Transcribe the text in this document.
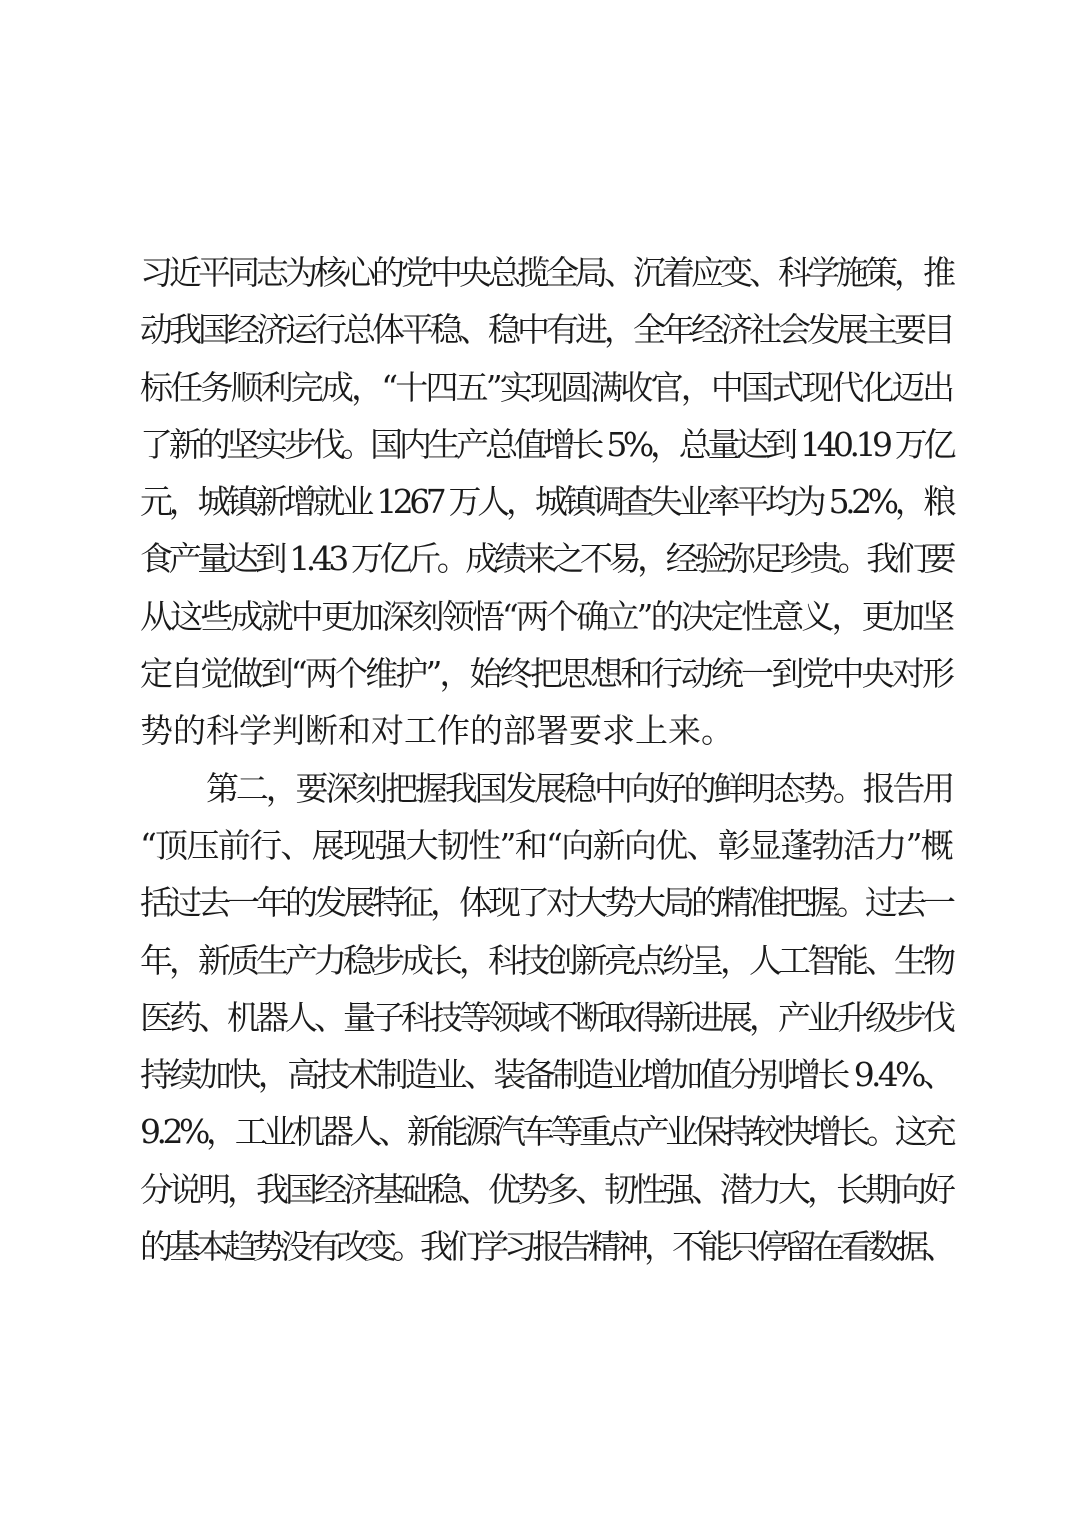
习近平同志为核心的党中央总揽全局、沉着应变、科学施策，推
动我国经济运行总体平稳、稳中有进，全年经济社会发展主要目
标任务顺利完成，“十四五”实现圆满收官，中国式现代化迈出
了新的坚实步伐。国内生产总值增长 5%，总量达到 140.19 万亿
元，城镇新增就业 1267 万人，城镇调查失业率平均为 5.2%，粮
食产量达到 1.43 万亿斤。成绩来之不易，经验弥足珍贵。我们要
从这些成就中更加深刻领悟“两个确立”的决定性意义，更加坚
定自觉做到“两个维护”，始终把思想和行动统一到党中央对形
势的科学判断和对工作的部署要求上来。
第二，要深刻把握我国发展稳中向好的鲜明态势。报告用
“顶压前行、展现强大韧性”和“向新向优、彰显蓬勃活力”概
括过去一年的发展特征，体现了对大势大局的精准把握。过去一
年，新质生产力稳步成长，科技创新亮点纷呈，人工智能、生物
医药、机器人、量子科技等领域不断取得新进展，产业升级步伐
持续加快，高技术制造业、装备制造业增加值分别增长 9.4%、
9.2%，工业机器人、新能源汽车等重点产业保持较快增长。这充
分说明，我国经济基础稳、优势多、韧性强、潜力大，长期向好
的基本趋势没有改变。我们学习报告精神，不能只停留在看数据、
